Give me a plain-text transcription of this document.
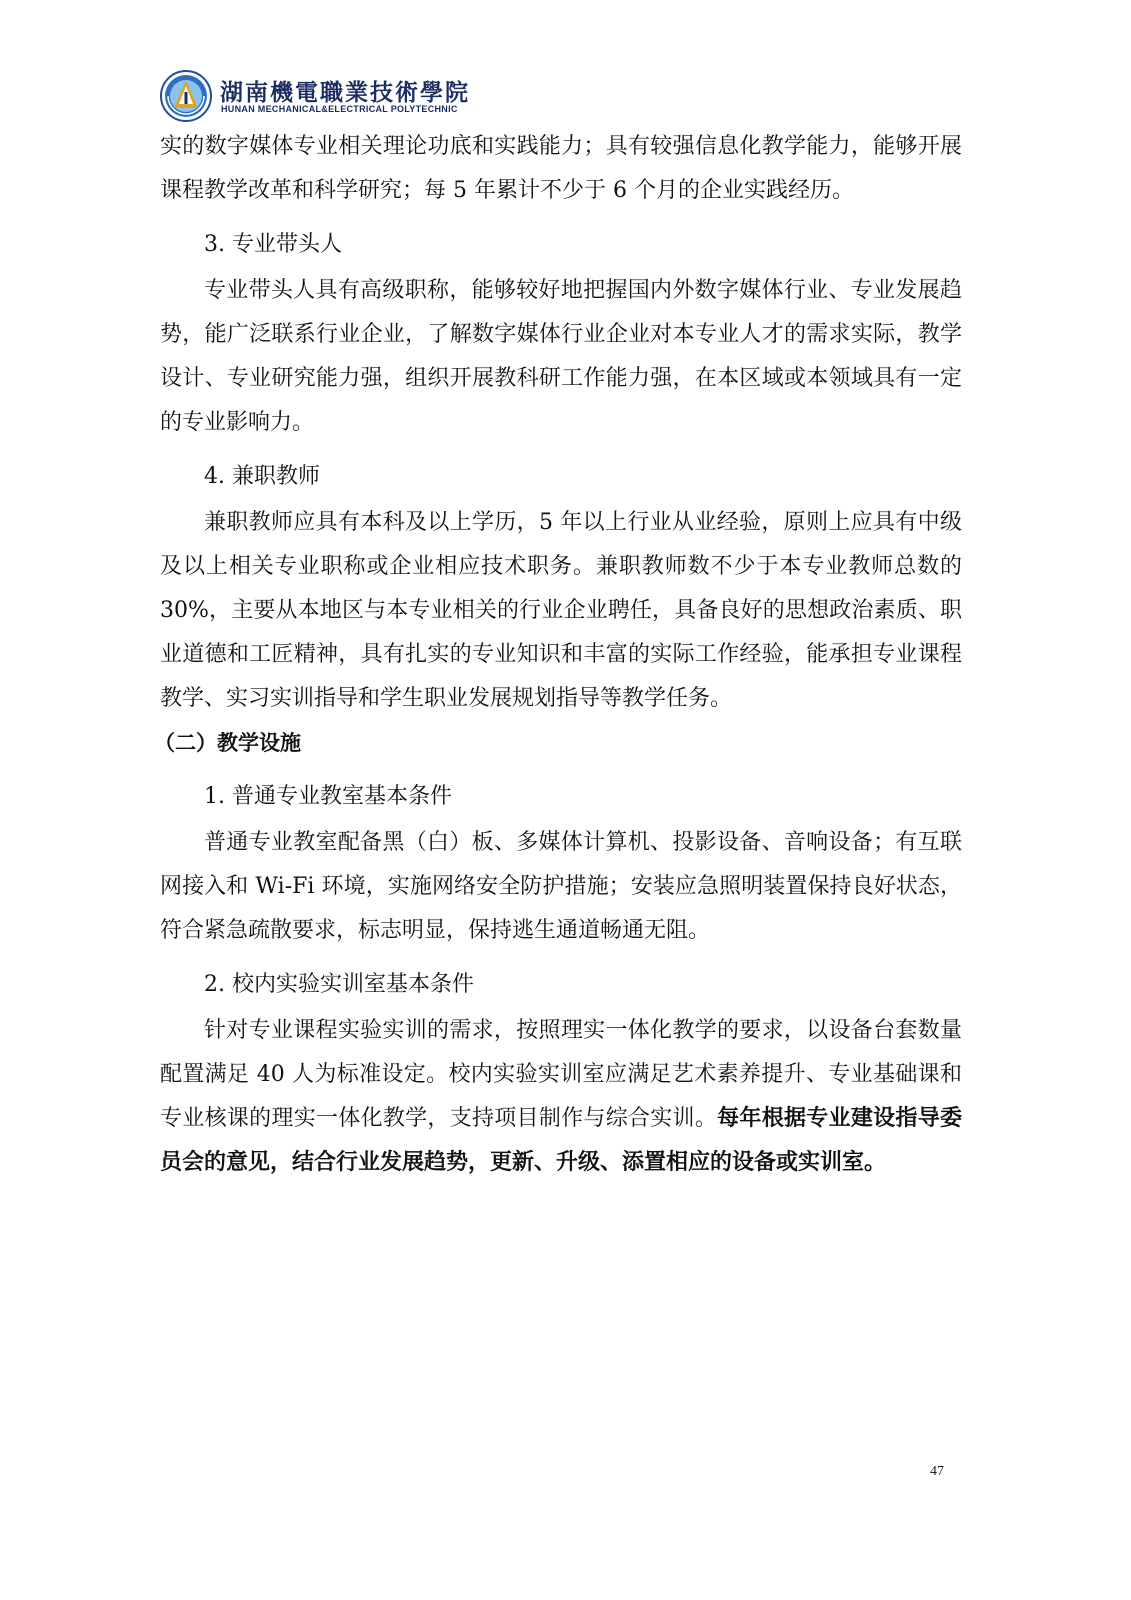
湖南機電職業技術學院
HUNAN MECHANICAL&ELECTRICAL POLYTECHNIC

实的数字媒体专业相关理论功底和实践能力；具有较强信息化教学能力，能够开展课程教学改革和科学研究；每 5 年累计不少于 6 个月的企业实践经历。

3. 专业带头人

专业带头人具有高级职称，能够较好地把握国内外数字媒体行业、专业发展趋势，能广泛联系行业企业，了解数字媒体行业企业对本专业人才的需求实际，教学设计、专业研究能力强，组织开展教科研工作能力强，在本区域或本领域具有一定的专业影响力。

4. 兼职教师

兼职教师应具有本科及以上学历，5 年以上行业从业经验，原则上应具有中级及以上相关专业职称或企业相应技术职务。兼职教师数不少于本专业教师总数的 30%，主要从本地区与本专业相关的行业企业聘任，具备良好的思想政治素质、职业道德和工匠精神，具有扎实的专业知识和丰富的实际工作经验，能承担专业课程教学、实习实训指导和学生职业发展规划指导等教学任务。

（二）教学设施

1. 普通专业教室基本条件

普通专业教室配备黑（白）板、多媒体计算机、投影设备、音响设备；有互联网接入和 Wi-Fi 环境，实施网络安全防护措施；安装应急照明装置保持良好状态，符合紧急疏散要求，标志明显，保持逃生通道畅通无阻。

2. 校内实验实训室基本条件

针对专业课程实验实训的需求，按照理实一体化教学的要求，以设备台套数量配置满足 40 人为标准设定。校内实验实训室应满足艺术素养提升、专业基础课和专业核课的理实一体化教学，支持项目制作与综合实训。每年根据专业建设指导委员会的意见，结合行业发展趋势，更新、升级、添置相应的设备或实训室。

47
